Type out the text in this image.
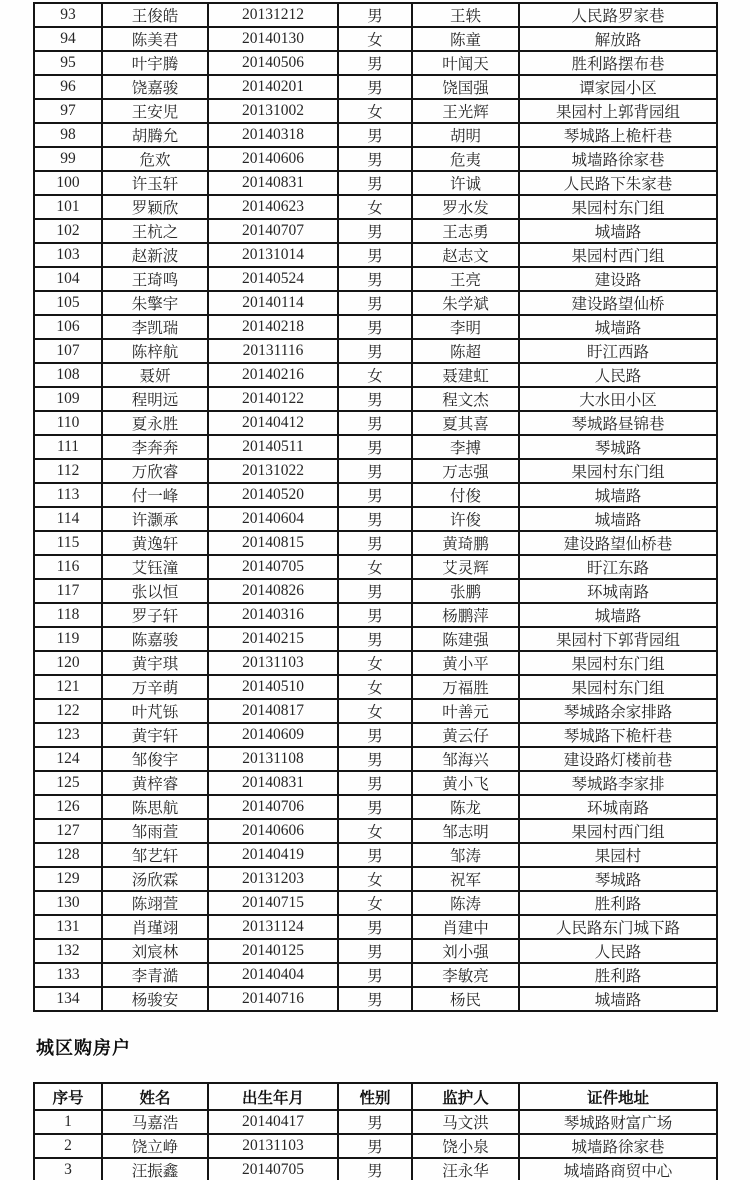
93	王俊皓	20131212	男	王轶	人民路罗家巷
94	陈美君	20140130	女	陈童	解放路
95	叶宇腾	20140506	男	叶闻天	胜利路摆布巷
96	饶嘉骏	20140201	男	饶国强	谭家园小区
97	王安児	20131002	女	王光辉	果园村上郭背园组
98	胡腾允	20140318	男	胡明	琴城路上桅杆巷
99	危欢	20140606	男	危夷	城墙路徐家巷
100	许玉轩	20140831	男	许诚	人民路下朱家巷
101	罗颖欣	20140623	女	罗水发	果园村东门组
102	王杭之	20140707	男	王志勇	城墙路
103	赵新波	20131014	男	赵志文	果园村西门组
104	王琦鸣	20140524	男	王亮	建设路
105	朱擎宇	20140114	男	朱学斌	建设路望仙桥
106	李凯瑞	20140218	男	李明	城墙路
107	陈梓航	20131116	男	陈超	盱江西路
108	聂妍	20140216	女	聂建虹	人民路
109	程明远	20140122	男	程文杰	大水田小区
110	夏永胜	20140412	男	夏其喜	琴城路昼锦巷
111	李奔奔	20140511	男	李搏	琴城路
112	万欣睿	20131022	男	万志强	果园村东门组
113	付一峰	20140520	男	付俊	城墙路
114	许灏承	20140604	男	许俊	城墙路
115	黄逸轩	20140815	男	黄琦鹏	建设路望仙桥巷
116	艾钰潼	20140705	女	艾灵辉	盱江东路
117	张以恒	20140826	男	张鹏	环城南路
118	罗子轩	20140316	男	杨鹏萍	城墙路
119	陈嘉骏	20140215	男	陈建强	果园村下郭背园组
120	黄宇琪	20131103	女	黄小平	果园村东门组
121	万辛萌	20140510	女	万福胜	果园村东门组
122	叶芃铄	20140817	女	叶善元	琴城路余家排路
123	黄宇轩	20140609	男	黄云仔	琴城路下桅杆巷
124	邹俊宇	20131108	男	邹海兴	建设路灯楼前巷
125	黄梓睿	20140831	男	黄小飞	琴城路李家排
126	陈思航	20140706	男	陈龙	环城南路
127	邹雨萱	20140606	女	邹志明	果园村西门组
128	邹艺轩	20140419	男	邹涛	果园村
129	汤欣霖	20131203	女	祝军	琴城路
130	陈翊萱	20140715	女	陈涛	胜利路
131	肖瑾翊	20131124	男	肖建中	人民路东门城下路
132	刘宸林	20140125	男	刘小强	人民路
133	李青澔	20140404	男	李敏亮	胜利路
134	杨骏安	20140716	男	杨民	城墙路
城区购房户
序号	姓名	出生年月	性别	监护人	证件地址
1	马嘉浩	20140417	男	马文洪	琴城路财富广场
2	饶立峥	20131103	男	饶小泉	城墙路徐家巷
3	汪振鑫	20140705	男	汪永华	城墙路商贸中心
